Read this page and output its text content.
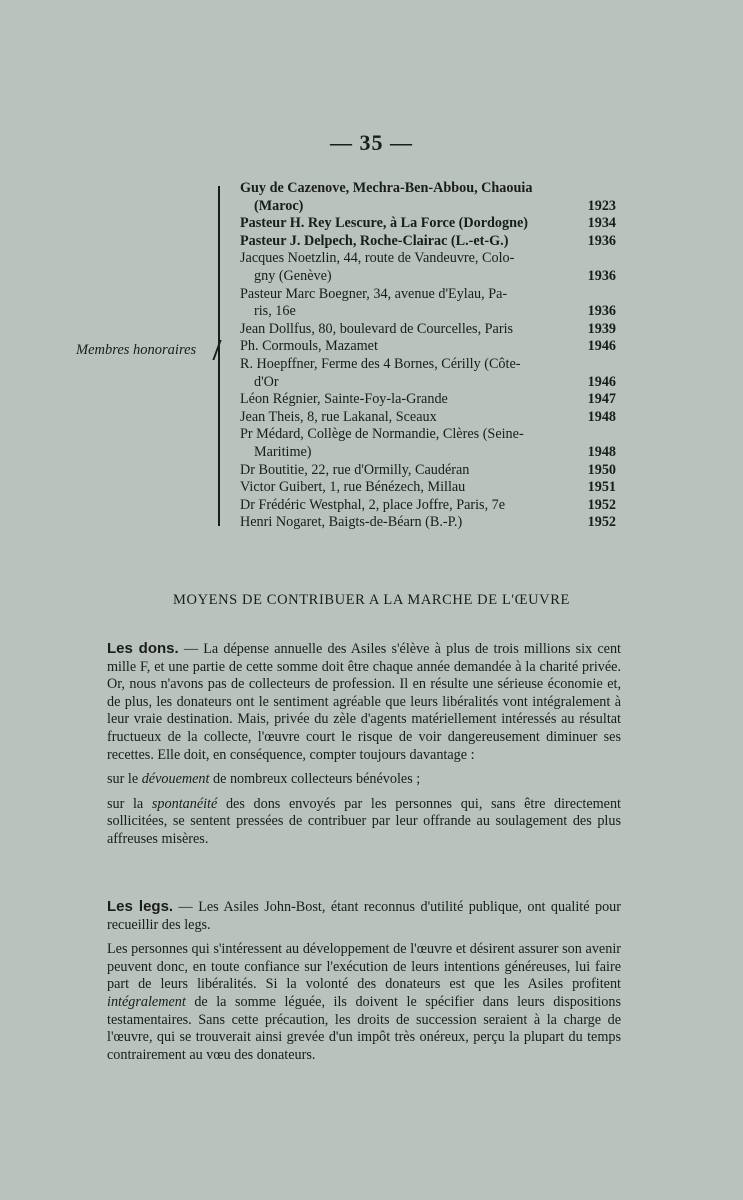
— 35 —
Membres honoraires
Guy de Cazenove, Mechra-Ben-Abbou, Chaouia
(Maroc)	1923
Pasteur H. Rey Lescure, à La Force (Dordogne)	1934
Pasteur J. Delpech, Roche-Clairac (L.-et-G.)	1936
Jacques Noetzlin, 44, route de Vandeuvre, Colo-
gny (Genève)	1936
Pasteur Marc Boegner, 34, avenue d'Eylau, Pa-
ris, 16e	1936
Jean Dollfus, 80, boulevard de Courcelles, Paris	1939
Ph. Cormouls, Mazamet	1946
R. Hoepffner, Ferme des 4 Bornes, Cérilly (Côte-
d'Or	1946
Léon Régnier, Sainte-Foy-la-Grande	1947
Jean Theis, 8, rue Lakanal, Sceaux	1948
Pr Médard, Collège de Normandie, Clères (Seine-
Maritime)	1948
Dr Boutitie, 22, rue d'Ormilly, Caudéran	1950
Victor Guibert, 1, rue Bénézech, Millau	1951
Dr Frédéric Westphal, 2, place Joffre, Paris, 7e	1952
Henri Nogaret, Baigts-de-Béarn (B.-P.)	1952
MOYENS DE CONTRIBUER A LA MARCHE DE L'ŒUVRE

Les dons. — La dépense annuelle des Asiles s'élève à plus de trois millions six cent mille F, et une partie de cette somme doit être chaque année demandée à la charité privée. Or, nous n'avons pas de collecteurs de profession. Il en résulte une sérieuse économie et, de plus, les donateurs ont le sentiment agréable que leurs libéralités vont intégralement à leur vraie destination. Mais, privée du zèle d'agents matériellement intéressés au résultat fructueux de la collecte, l'œuvre court le risque de voir dangereusement diminuer ses recettes. Elle doit, en conséquence, compter toujours davantage :

sur le dévouement de nombreux collecteurs bénévoles ;

sur la spontanéité des dons envoyés par les personnes qui, sans être directement sollicitées, se sentent pressées de contribuer par leur offrande au soulagement des plus affreuses misères.

Les legs. — Les Asiles John-Bost, étant reconnus d'utilité publique, ont qualité pour recueillir des legs.

Les personnes qui s'intéressent au développement de l'œuvre et désirent assurer son avenir peuvent donc, en toute confiance sur l'exécution de leurs intentions généreuses, lui faire part de leurs libéralités. Si la volonté des donateurs est que les Asiles profitent intégralement de la somme léguée, ils doivent le spécifier dans leurs dispositions testamentaires. Sans cette précaution, les droits de succession seraient à la charge de l'œuvre, qui se trouverait ainsi grevée d'un impôt très onéreux, perçu la plupart du temps contrairement au vœu des donateurs.
